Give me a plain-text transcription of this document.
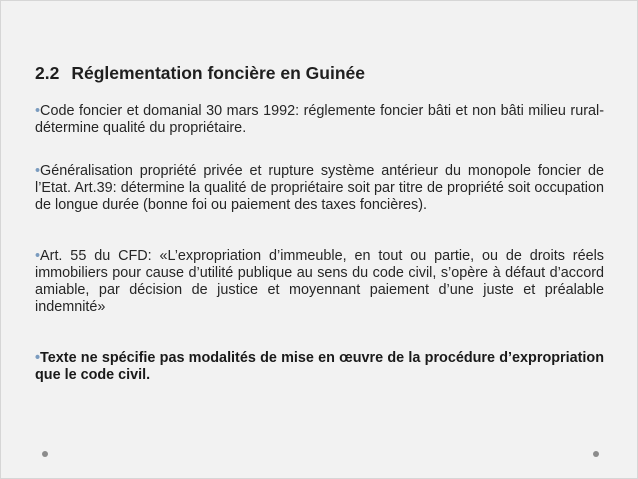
2.2 Réglementation foncière en Guinée

•Code foncier et domanial 30 mars 1992: réglemente foncier bâti et non bâti milieu rural-détermine qualité du propriétaire.

•Généralisation propriété privée et rupture système antérieur du monopole foncier de l’Etat. Art.39: détermine la qualité de propriétaire soit par titre de propriété soit occupation de longue durée (bonne foi ou paiement des taxes foncières).

•Art. 55 du CFD: «L’expropriation d’immeuble, en tout ou partie, ou de droits réels immobiliers pour cause d’utilité publique au sens du code civil, s’opère à défaut d’accord amiable, par décision de justice et moyennant paiement d’une juste et préalable indemnité»

•Texte ne spécifie pas modalités de mise en œuvre de la procédure d’expropriation que le code civil.
